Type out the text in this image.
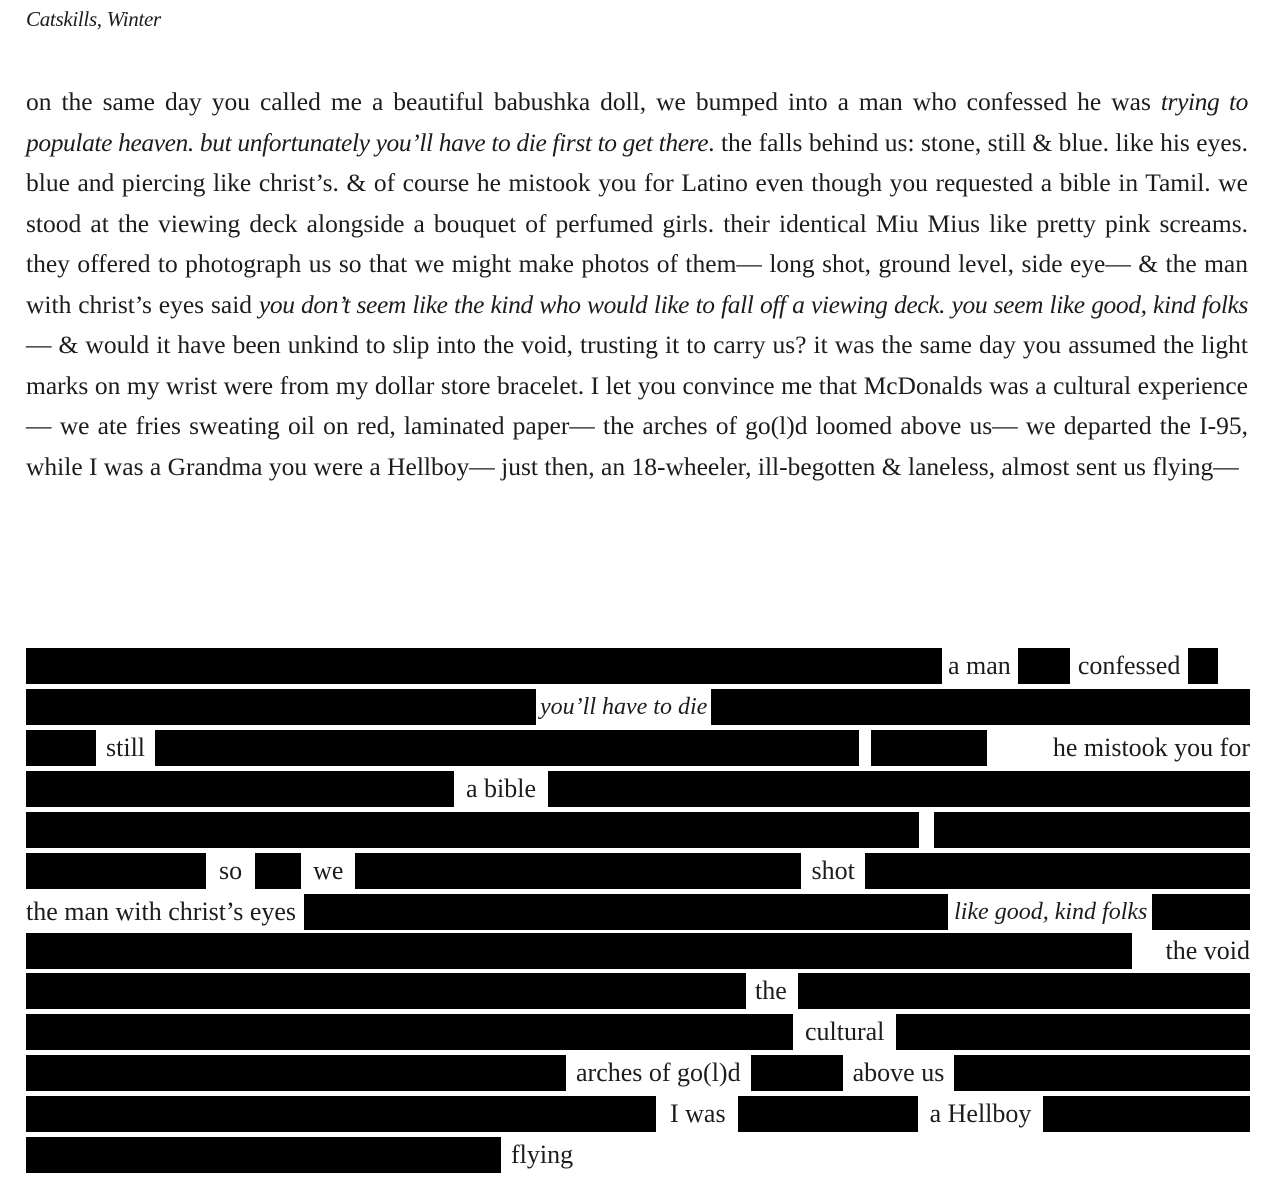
Catskills, Winter

on the same day you called me a beautiful babushka doll, we bumped into a man who confessed he was trying to populate heaven. but unfortunately you’ll have to die first to get there. the falls behind us: stone, still & blue. like his eyes. blue and piercing like christ’s. & of course he mistook you for Latino even though you requested a bible in Tamil. we stood at the viewing deck alongside a bouquet of perfumed girls. their identical Miu Mius like pretty pink screams. they offered to photograph us so that we might make photos of them— long shot, ground level, side eye— & the man with christ’s eyes said you don’t seem like the kind who would like to fall off a viewing deck. you seem like good, kind folks— & would it have been unkind to slip into the void, trusting it to carry us? it was the same day you assumed the light marks on my wrist were from my dollar store bracelet. I let you convince me that McDonalds was a cultural experience— we ate fries sweating oil on red, laminated paper— the arches of go(l)d loomed above us— we departed the I-95, while I was a Grandma you were a Hellboy— just then, an 18-wheeler, ill-begotten & laneless, almost sent us flying—

a man	confessed
you’ll have to die
still	he mistook you for
a bible
so	we	shot
the man with christ’s eyes	like good, kind folks
the void
the
cultural
arches of go(l)d	above us
I was	a Hellboy
flying
